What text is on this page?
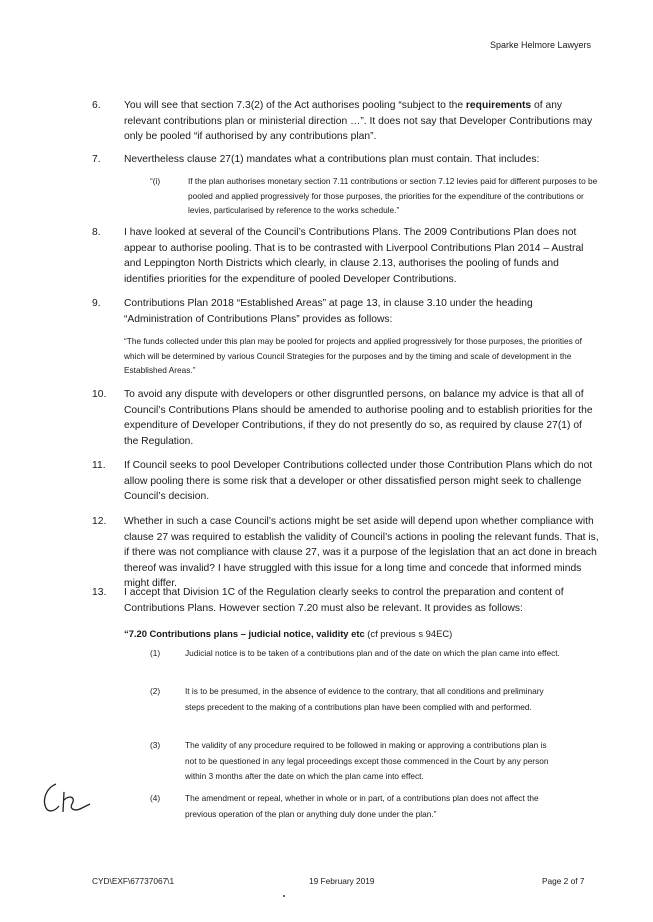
Sparke Helmore Lawyers
6. You will see that section 7.3(2) of the Act authorises pooling “subject to the requirements of any relevant contributions plan or ministerial direction …”. It does not say that Developer Contributions may only be pooled “if authorised by any contributions plan”.
7. Nevertheless clause 27(1) mandates what a contributions plan must contain. That includes:
“(i)	If the plan authorises monetary section 7.11 contributions or section 7.12 levies paid for different purposes to be pooled and applied progressively for those purposes, the priorities for the expenditure of the contributions or levies, particularised by reference to the works schedule.”
8. I have looked at several of the Council’s Contributions Plans. The 2009 Contributions Plan does not appear to authorise pooling. That is to be contrasted with Liverpool Contributions Plan 2014 – Austral and Leppington North Districts which clearly, in clause 2.13, authorises the pooling of funds and identifies priorities for the expenditure of pooled Developer Contributions.
9. Contributions Plan 2018 “Established Areas” at page 13, in clause 3.10 under the heading “Administration of Contributions Plans” provides as follows:
“The funds collected under this plan may be pooled for projects and applied progressively for those purposes, the priorities of which will be determined by various Council Strategies for the purposes and by the timing and scale of development in the Established Areas.”
10. To avoid any dispute with developers or other disgruntled persons, on balance my advice is that all of Council’s Contributions Plans should be amended to authorise pooling and to establish priorities for the expenditure of Developer Contributions, if they do not presently do so, as required by clause 27(1) of the Regulation.
11. If Council seeks to pool Developer Contributions collected under those Contribution Plans which do not allow pooling there is some risk that a developer or other dissatisfied person might seek to challenge Council’s decision.
12. Whether in such a case Council’s actions might be set aside will depend upon whether compliance with clause 27 was required to establish the validity of Council’s actions in pooling the relevant funds. That is, if there was not compliance with clause 27, was it a purpose of the legislation that an act done in breach thereof was invalid? I have struggled with this issue for a long time and concede that informed minds might differ.
13. I accept that Division 1C of the Regulation clearly seeks to control the preparation and content of Contributions Plans. However section 7.20 must also be relevant. It provides as follows:
“7.20 Contributions plans – judicial notice, validity etc (cf previous s 94EC)
(1)	Judicial notice is to be taken of a contributions plan and of the date on which the plan came into effect.
(2)	It is to be presumed, in the absence of evidence to the contrary, that all conditions and preliminary steps precedent to the making of a contributions plan have been complied with and performed.
(3)	The validity of any procedure required to be followed in making or approving a contributions plan is not to be questioned in any legal proceedings except those commenced in the Court by any person within 3 months after the date on which the plan came into effect.
(4)	The amendment or repeal, whether in whole or in part, of a contributions plan does not affect the previous operation of the plan or anything duly done under the plan.”
CYD\EXF\67737067\1	19 February 2019	Page 2 of 7
